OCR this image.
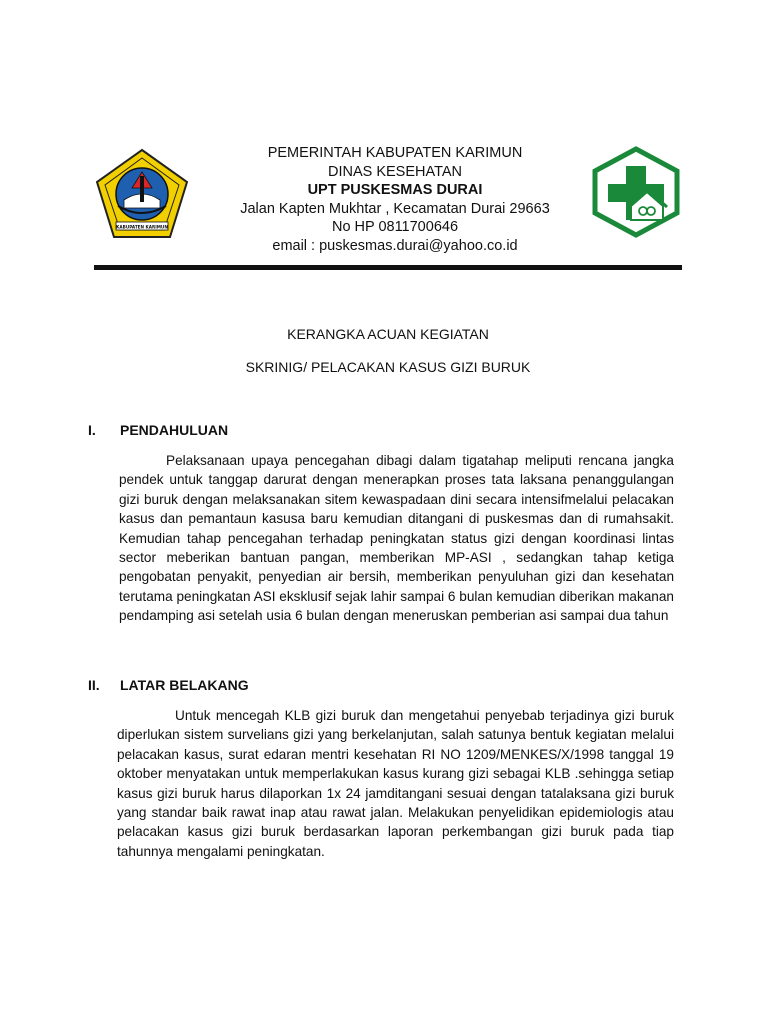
KABUPATEN KARIMUN
PEMERINTAH KABUPATEN KARIMUN
DINAS KESEHATAN
UPT PUSKESMAS DURAI
Jalan Kapten Mukhtar , Kecamatan Durai 29663
No HP 0811700646
email : puskesmas.durai@yahoo.co.id
KERANGKA ACUAN KEGIATAN
SKRINIG/ PELACAKAN KASUS GIZI BURUK
I. PENDAHULUAN

Pelaksanaan upaya pencegahan dibagi dalam tigatahap meliputi rencana jangka pendek untuk tanggap darurat dengan menerapkan proses tata laksana penanggulangan gizi buruk dengan melaksanakan sitem kewaspadaan dini secara intensifmelalui pelacakan kasus dan pemantaun kasusa baru kemudian ditangani di puskesmas dan di rumahsakit. Kemudian tahap pencegahan terhadap peningkatan status gizi dengan koordinasi lintas sector meberikan bantuan pangan, memberikan MP-ASI , sedangkan tahap ketiga pengobatan penyakit, penyedian air bersih, memberikan penyuluhan gizi dan kesehatan terutama peningkatan ASI eksklusif sejak lahir sampai 6 bulan kemudian diberikan makanan pendamping asi setelah usia 6 bulan dengan meneruskan pemberian asi sampai dua tahun

II. LATAR BELAKANG

Untuk mencegah KLB gizi buruk dan mengetahui penyebab terjadinya gizi buruk diperlukan sistem survelians gizi yang berkelanjutan, salah satunya bentuk kegiatan melalui pelacakan kasus, surat edaran mentri kesehatan RI NO 1209/MENKES/X/1998 tanggal 19 oktober menyatakan untuk memperlakukan kasus kurang gizi sebagai KLB .sehingga setiap kasus gizi buruk harus dilaporkan 1x 24 jamditangani sesuai dengan tatalaksana gizi buruk yang standar baik rawat inap atau rawat jalan. Melakukan penyelidikan epidemiologis atau pelacakan kasus gizi buruk berdasarkan laporan perkembangan gizi buruk pada tiap tahunnya mengalami peningkatan.
